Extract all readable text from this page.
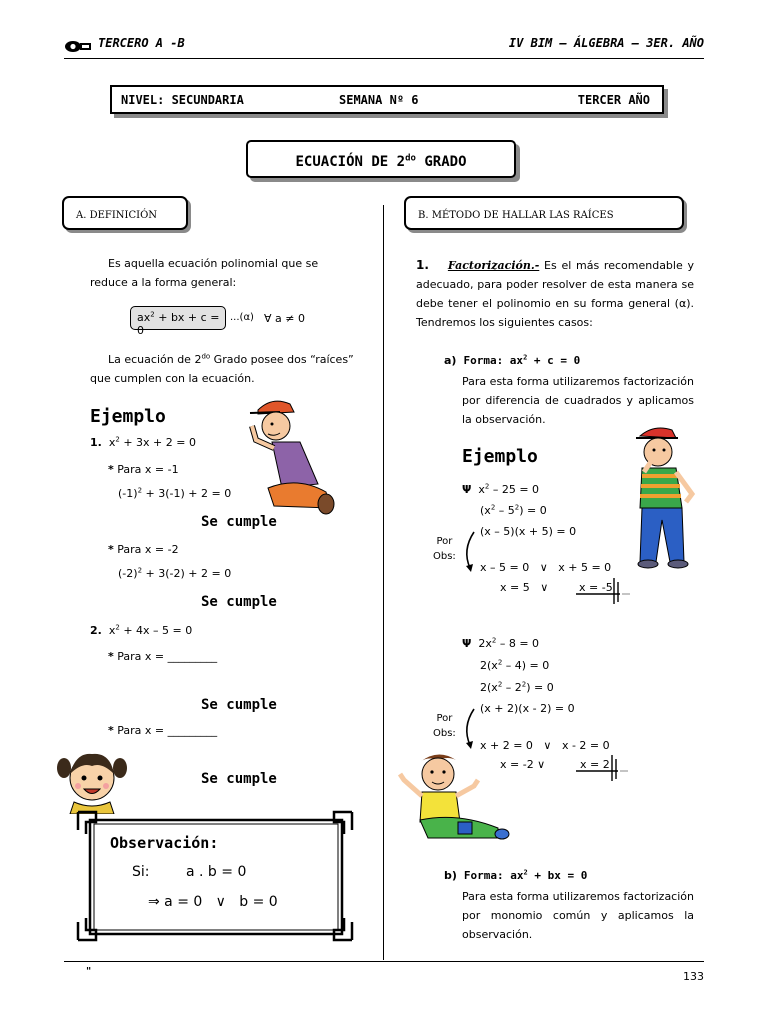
TERCERO A -B	IV BIM – ÁLGEBRA – 3ER. AÑO
NIVEL: SECUNDARIA	SEMANA Nº 6	TERCER AÑO
ECUACIÓN DE $2^{do}$ GRADO
A. DEFINICIÓN
Es aquella ecuación polinomial que se reduce a la forma general:
$ax^2$ + bx + c = 0
...(α) ∀ a ≠ 0
La ecuación de $2^{do}$ Grado posee dos “raíces” que cumplen con la ecuación.
Ejemplo
1. $x^2 + 3x + 2 = 0$
* Para x = -1
$(-1)^2 + 3(-1) + 2 = 0$
Se cumple
* Para x = -2
$(-2)^2 + 3(-2) + 2 = 0$
Se cumple
2. $x^2 + 4x - 5 = 0$
* Para x = _________
Se cumple
* Para x = _________
Se cumple
Observación:
Si:	a . b = 0
⇒ a = 0   ∨   b = 0
B. MÉTODO DE HALLAR LAS RAÍCES
1. Factorización.- Es el más recomendable y adecuado, para poder resolver de esta manera se debe tener el polinomio en su forma general (α). Tendremos los siguientes casos:
a) Forma: $ax^2 + c = 0$
Para esta forma utilizaremos factorización por diferencia de cuadrados y aplicamos la observación.
Ejemplo
Ψ $x^2 - 25 = 0$
$(x^2 - 5^2) = 0$
(x – 5)(x + 5) = 0
Por
Obs:
x – 5 = 0   ∨   x + 5 = 0
x = 5   ∨	x = -5
Ψ $2x^2 - 8 = 0$
$2(x^2 - 4) = 0$
$2(x^2 - 2^2) = 0$
(x + 2)(x - 2) = 0
Por
Obs:
x + 2 = 0   ∨   x - 2 = 0
x = -2 ∨	x = 2
b) Forma: $ax^2$ + bx = 0
Para esta forma utilizaremos factorización por monomio común y aplicamos la observación.
"	133
